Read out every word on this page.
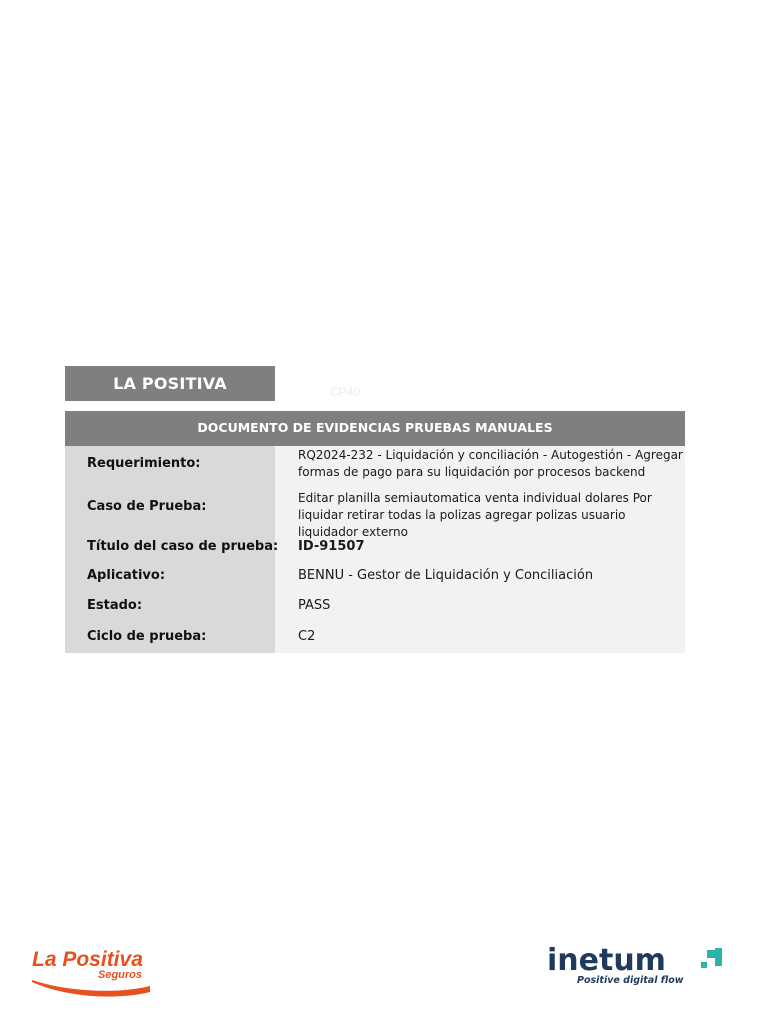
LA POSITIVA	CP40
DOCUMENTO DE EVIDENCIAS PRUEBAS MANUALES
Requerimiento:
RQ2024-232 - Liquidación y conciliación - Autogestión - Agregar formas de pago para su liquidación por procesos backend
Caso de Prueba:
Editar planilla semiautomatica venta individual dolares Por liquidar retirar todas la polizas agregar polizas usuario liquidador externo
Título del caso de prueba: ID-91507
Aplicativo:	BENNU - Gestor de Liquidación y Conciliación
Estado:	PASS
Ciclo de prueba:	C2
La Positiva
Seguros	inetum
Positive digital flow
